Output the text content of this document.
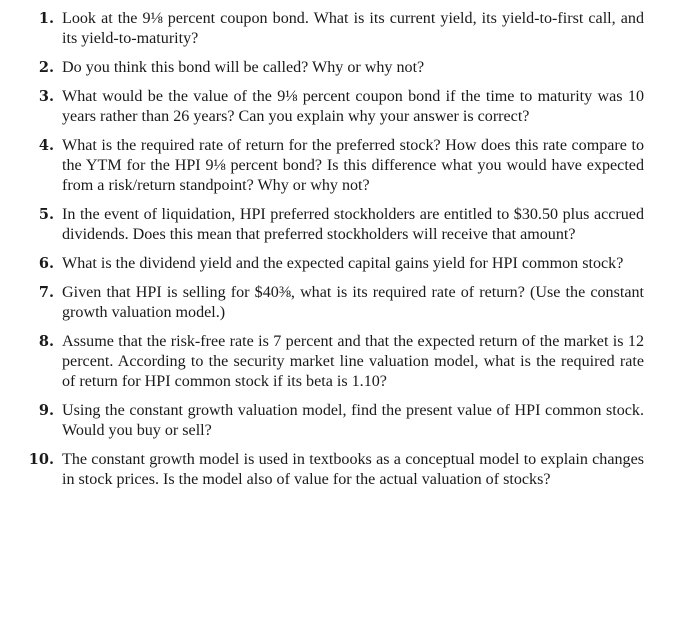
1. Look at the 9⅛ percent coupon bond. What is its current yield, its yield-to-first call, and its yield-to-maturity?
2. Do you think this bond will be called? Why or why not?
3. What would be the value of the 9⅛ percent coupon bond if the time to maturity was 10 years rather than 26 years? Can you explain why your answer is correct?
4. What is the required rate of return for the preferred stock? How does this rate compare to the YTM for the HPI 9⅛ percent bond? Is this difference what you would have expected from a risk/return standpoint? Why or why not?
5. In the event of liquidation, HPI preferred stockholders are entitled to $30.50 plus accrued dividends. Does this mean that preferred stockholders will receive that amount?
6. What is the dividend yield and the expected capital gains yield for HPI common stock?
7. Given that HPI is selling for $40⅜, what is its required rate of return? (Use the constant growth valuation model.)
8. Assume that the risk-free rate is 7 percent and that the expected return of the market is 12 percent. According to the security market line valuation model, what is the required rate of return for HPI common stock if its beta is 1.10?
9. Using the constant growth valuation model, find the present value of HPI common stock. Would you buy or sell?
10. The constant growth model is used in textbooks as a conceptual model to explain changes in stock prices. Is the model also of value for the actual valuation of stocks?
